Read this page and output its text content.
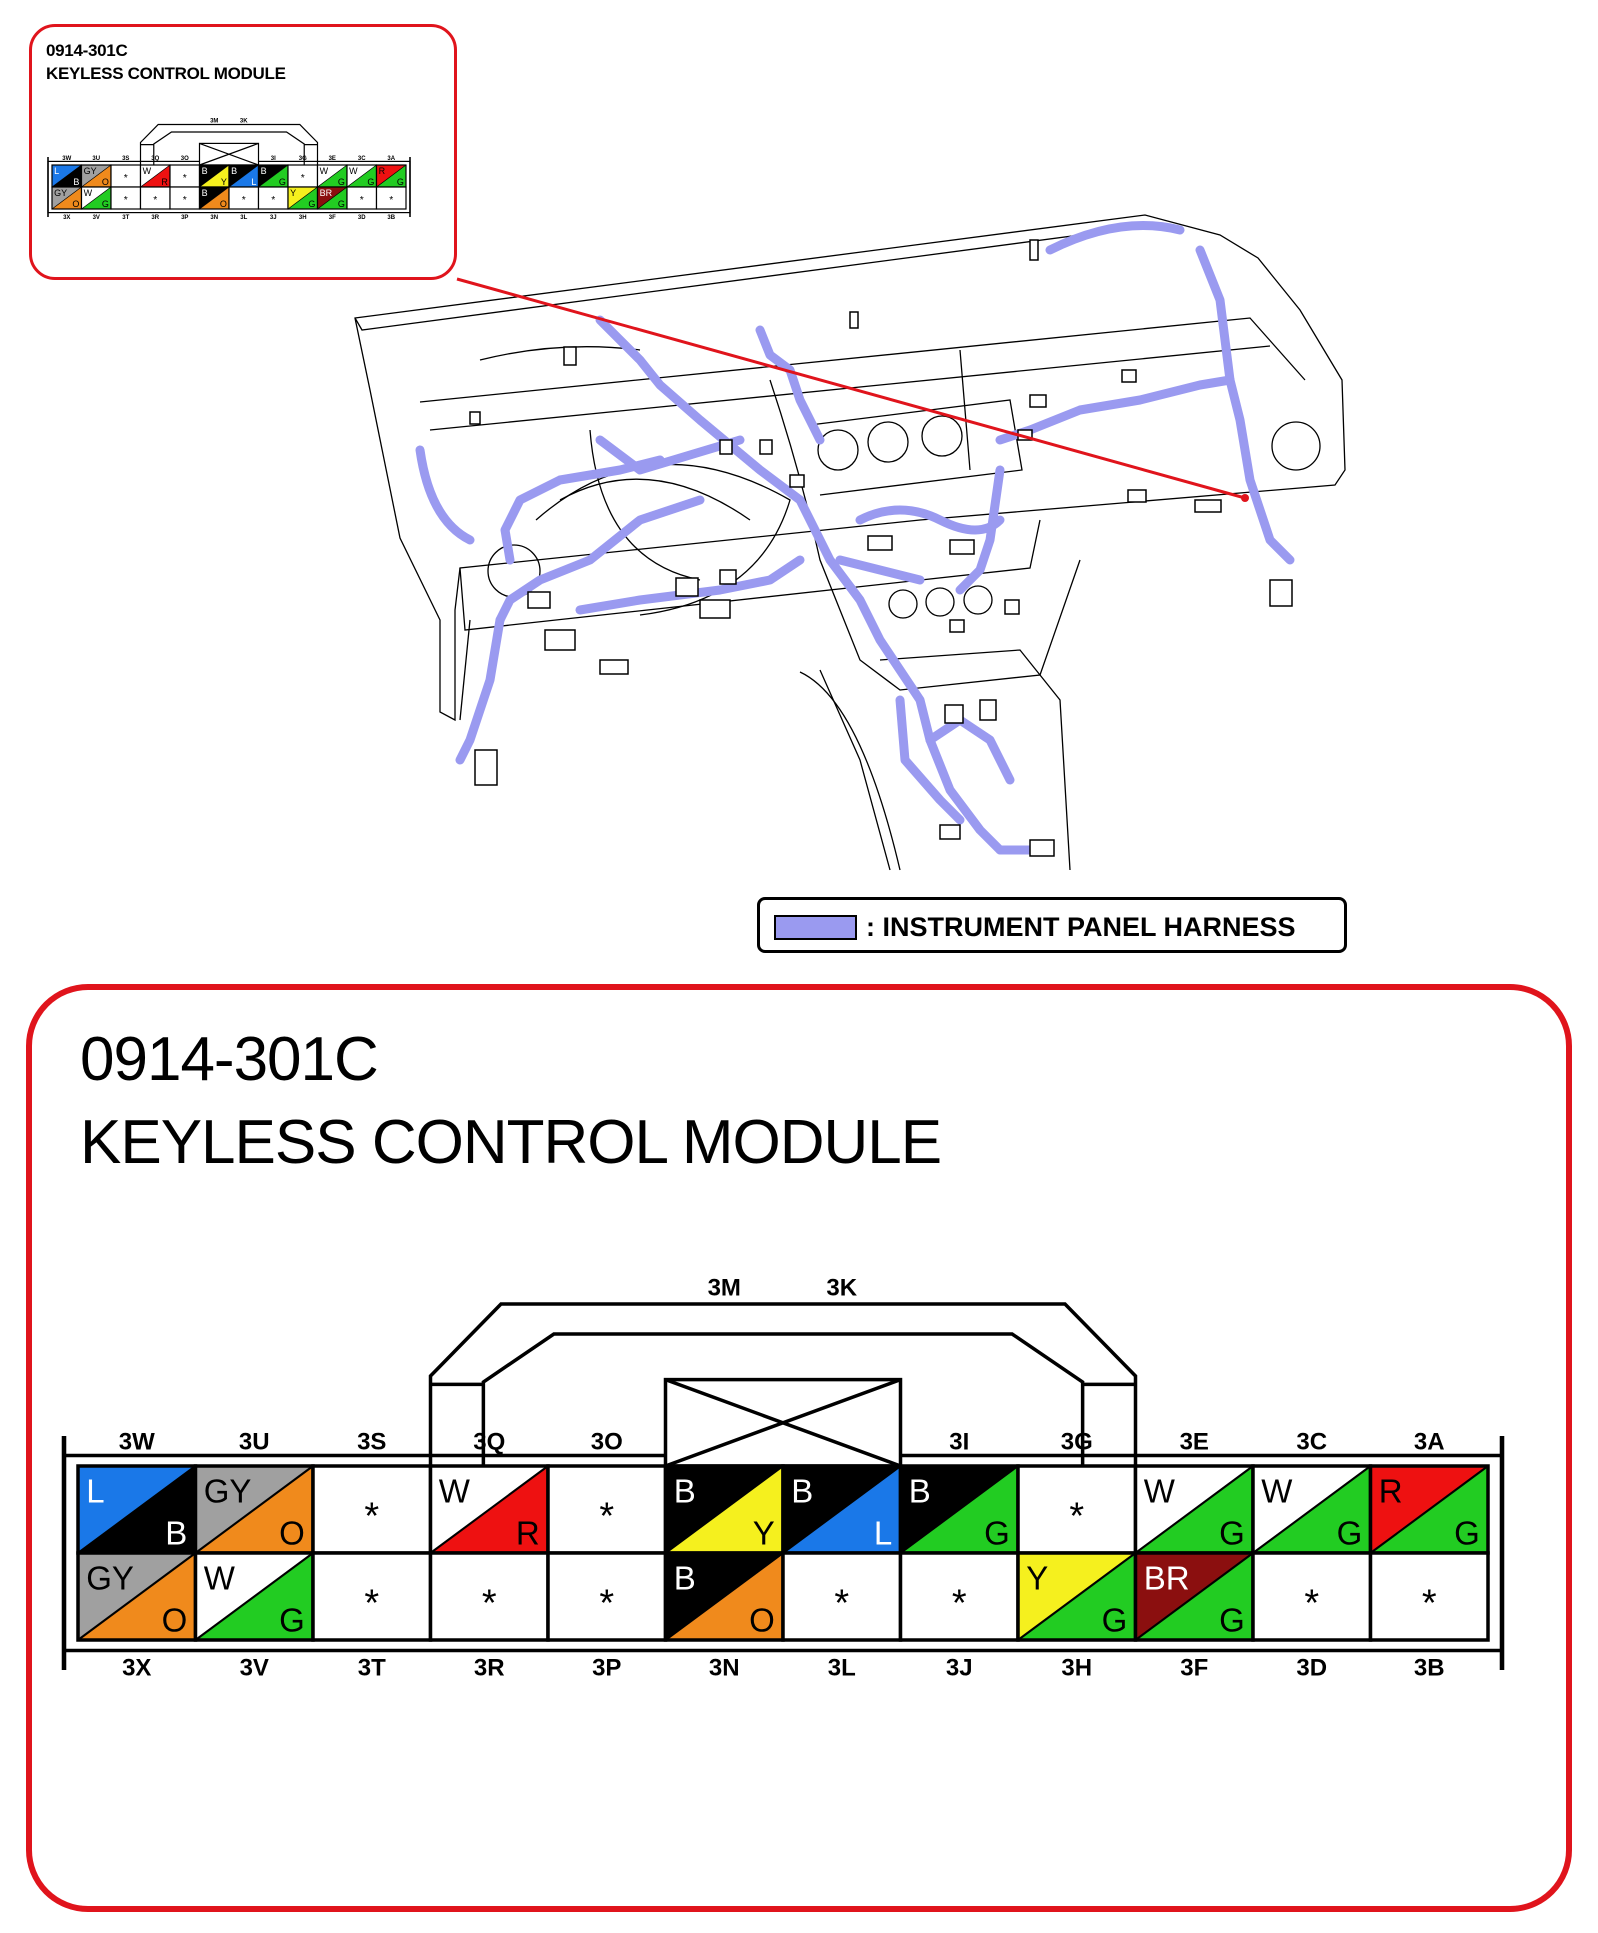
0914-301C
KEYLESS CONTROL MODULE
3M	3K
L
B
3W
GY
O
3U
*
3S
W
R
3Q
*
3O
B
Y
B
L
B
G
3I
*
3G
W
G
3E
W
G
3C
R
G
3A
GY
O
3X
W
G
3V
*
3T
*
3R
*
3P
B
O
3N
*
3L
*
3J
Y
G
3H
BR
G
3F
*
3D
*
3B
: INSTRUMENT PANEL HARNESS
0914-301C
KEYLESS CONTROL MODULE
3M	3K
L
B
3W
GY
O
3U
*
3S
W
R
3Q
*
3O
B
Y
B
L
B
G
3I
*
3G
W
G
3E
W
G
3C
R
G
3A
GY
O
3X
W
G
3V
*
3T
*
3R
*
3P
B
O
3N
*
3L
*
3J
Y
G
3H
BR
G
3F
*
3D
*
3B
